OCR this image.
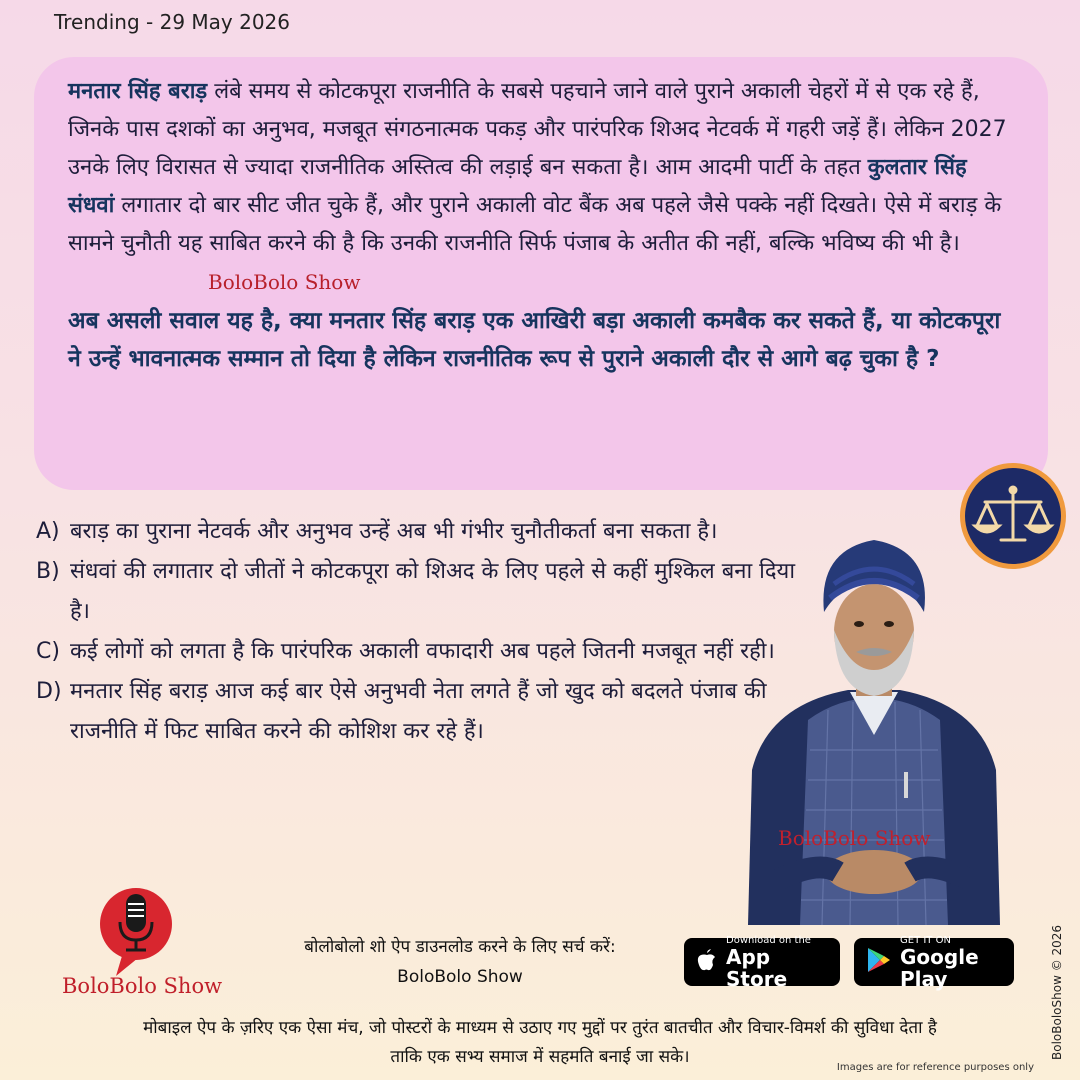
Trending - 29 May 2026

मनतार सिंह बराड़ लंबे समय से कोटकपूरा राजनीति के सबसे पहचाने जाने वाले पुराने अकाली चेहरों में से एक रहे हैं, जिनके पास दशकों का अनुभव, मजबूत संगठनात्मक पकड़ और पारंपरिक शिअद नेटवर्क में गहरी जड़ें हैं। लेकिन 2027 उनके लिए विरासत से ज्यादा राजनीतिक अस्तित्व की लड़ाई बन सकता है। आम आदमी पार्टी के तहत कुलतार सिंह संधवां लगातार दो बार सीट जीत चुके हैं, और पुराने अकाली वोट बैंक अब पहले जैसे पक्के नहीं दिखते। ऐसे में बराड़ के सामने चुनौती यह साबित करने की है कि उनकी राजनीति सिर्फ पंजाब के अतीत की नहीं, बल्कि भविष्य की भी है।BoloBolo Show

अब असली सवाल यह है, क्या मनतार सिंह बराड़ एक आखिरी बड़ा अकाली कमबैक कर सकते हैं, या कोटकपूरा ने उन्हें भावनात्मक सम्मान तो दिया है लेकिन राजनीतिक रूप से पुराने अकाली दौर से आगे बढ़ चुका है ?

A) बराड़ का पुराना नेटवर्क और अनुभव उन्हें अब भी गंभीर चुनौतीकर्ता बना सकता है।
B) संधवां की लगातार दो जीतों ने कोटकपूरा को शिअद के लिए पहले से कहीं मुश्किल बना दिया है।
C) कई लोगों को लगता है कि पारंपरिक अकाली वफादारी अब पहले जितनी मजबूत नहीं रही।
D) मनतार सिंह बराड़ आज कई बार ऐसे अनुभवी नेता लगते हैं जो खुद को बदलते पंजाब की राजनीति में फिट साबित करने की कोशिश कर रहे हैं।
BoloBolo Show
BoloBolo Show
बोलोबोलो शो ऐप डाउनलोड करने के लिए सर्च करें:
BoloBolo Show
Download on the
App Store
GET IT ON
Google Play
मोबाइल ऐप के ज़रिए एक ऐसा मंच, जो पोस्टरों के माध्यम से उठाए गए मुद्दों पर तुरंत बातचीत और विचार-विमर्श की सुविधा देता है
ताकि एक सभ्य समाज में सहमति बनाई जा सके।
Images are for reference purposes only
BoloBoloShow © 2026
